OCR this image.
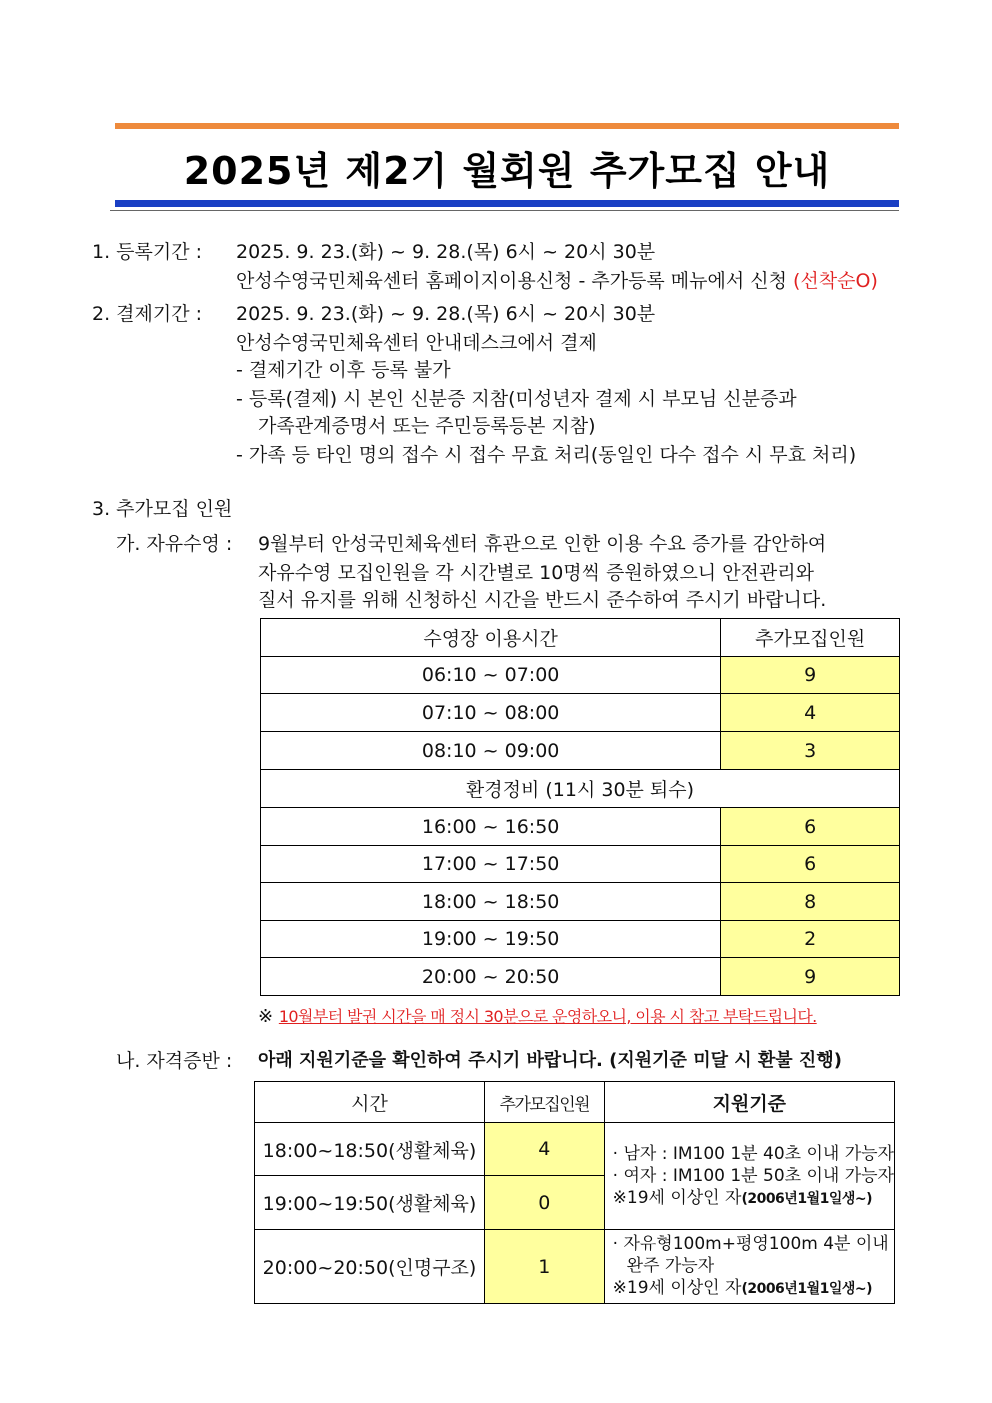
2025년 제2기 월회원 추가모집 안내
1. 등록기간 : 2025. 9. 23.(화) ~ 9. 28.(목) 6시 ~ 20시 30분
안성수영국민체육센터 홈페이지이용신청 - 추가등록 메뉴에서 신청 (선착순O)
2. 결제기간 : 2025. 9. 23.(화) ~ 9. 28.(목) 6시 ~ 20시 30분
안성수영국민체육센터 안내데스크에서 결제
- 결제기간 이후 등록 불가
- 등록(결제) 시 본인 신분증 지참(미성년자 결제 시 부모님 신분증과
가족관계증명서 또는 주민등록등본 지참)
- 가족 등 타인 명의 접수 시 접수 무효 처리(동일인 다수 접수 시 무효 처리)
3. 추가모집 인원
가. 자유수영 : 9월부터 안성국민체육센터 휴관으로 인한 이용 수요 증가를 감안하여
자유수영 모집인원을 각 시간별로 10명씩 증원하였으니 안전관리와
질서 유지를 위해 신청하신 시간을 반드시 준수하여 주시기 바랍니다.
수영장 이용시간	추가모집인원
06:10 ~ 07:00	9
07:10 ~ 08:00	4
08:10 ~ 09:00	3
환경정비 (11시 30분 퇴수)	
16:00 ~ 16:50	6
17:00 ~ 17:50	6
18:00 ~ 18:50	8
19:00 ~ 19:50	2
20:00 ~ 20:50	9
※ 10월부터 발권 시간을 매 정시 30분으로 운영하오니, 이용 시 참고 부탁드립니다.
나. 자격증반 : 아래 지원기준을 확인하여 주시기 바랍니다. (지원기준 미달 시 환불 진행)
시간	추가모집인원	지원기준
18:00~18:50(생활체육)	4	· 남자 : IM100 1분 40초 이내 가능자
· 여자 : IM100 1분 50초 이내 가능자
※19세 이상인 자(2006년1월1일생~)

19:00~19:50(생활체육)	0	
20:00~20:50(인명구조)	1	· 자유형100m+평영100m 4분 이내
완주 가능자
※19세 이상인 자(2006년1월1일생~)
